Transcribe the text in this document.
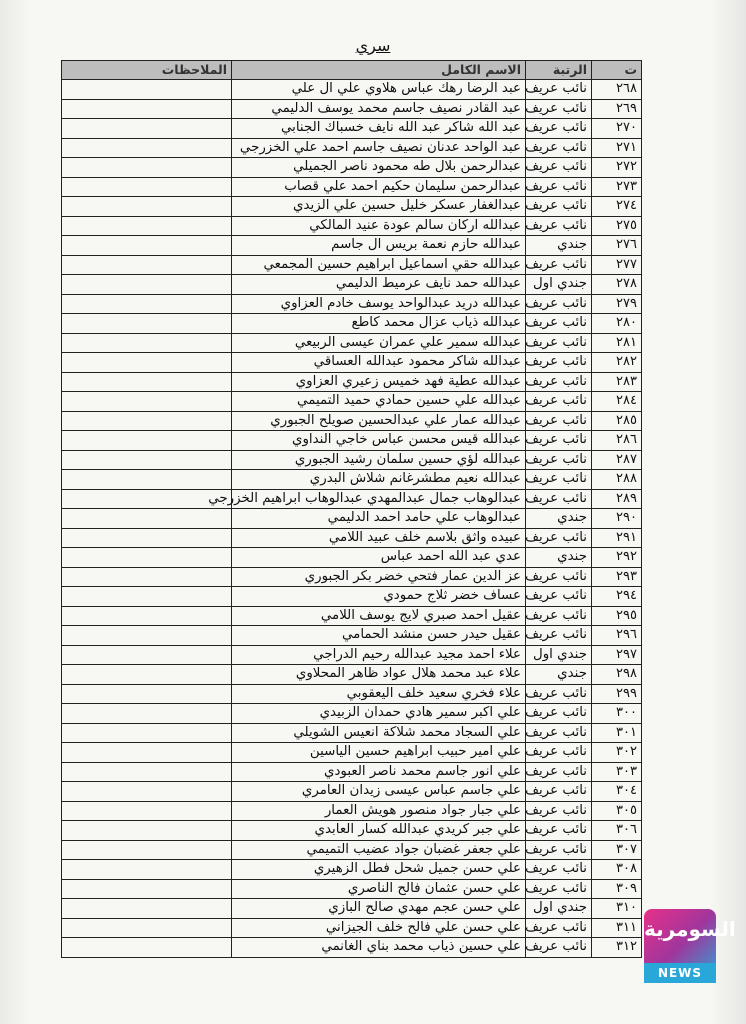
سري
ت	الرتبة	الاسم الكامل	الملاحظات
٢٦٨	نائب عريف	عبد الرضا رهك عباس هلاوي علي ال علي	
٢٦٩	نائب عريف	عبد القادر نصيف جاسم محمد يوسف الدليمي	
٢٧٠	نائب عريف	عبد الله شاكر عبد الله نايف خسباك الجنابي	
٢٧١	نائب عريف	عبد الواحد عدنان نصيف جاسم احمد علي الخزرجي	
٢٧٢	نائب عريف	عبدالرحمن بلال طه محمود ناصر الجميلي	
٢٧٣	نائب عريف	عبدالرحمن سليمان حكيم احمد علي قصاب	
٢٧٤	نائب عريف	عبدالغفار عسكر خليل حسين علي الزيدي	
٢٧٥	نائب عريف	عبدالله اركان سالم عودة عنيد المالكي	
٢٧٦	جندي	عبدالله حازم نعمة بريس ال جاسم	
٢٧٧	نائب عريف	عبدالله حقي اسماعيل ابراهيم حسين المجمعي	
٢٧٨	جندي اول	عبدالله حمد نايف عرميط الدليمي	
٢٧٩	نائب عريف	عبدالله دريد عبدالواحد يوسف خادم العزاوي	
٢٨٠	نائب عريف	عبدالله ذياب عزال محمد كاطع	
٢٨١	نائب عريف	عبدالله سمير علي عمران عيسى الربيعي	
٢٨٢	نائب عريف	عبدالله شاكر محمود عبدالله العساقي	
٢٨٣	نائب عريف	عبدالله عطية فهد خميس زعيري العزاوي	
٢٨٤	نائب عريف	عبدالله علي حسين حمادي حميد التميمي	
٢٨٥	نائب عريف	عبدالله عمار علي عبدالحسين صويلح الجبوري	
٢٨٦	نائب عريف	عبدالله قيس محسن عباس خاجي النداوي	
٢٨٧	نائب عريف	عبدالله لؤي حسين سلمان رشيد الجبوري	
٢٨٨	نائب عريف	عبدالله نعيم مطشرغانم شلاش البدري	
٢٨٩	نائب عريف	عبدالوهاب جمال عبدالمهدي عبدالوهاب ابراهيم الخزرجي	
٢٩٠	جندي	عبدالوهاب علي حامد احمد الدليمي	
٢٩١	نائب عريف	عبيده واثق بلاسم خلف عبيد اللامي	
٢٩٢	جندي	عدي عبد الله احمد عباس	
٢٩٣	نائب عريف	عز الدين عمار فتحي خضر بكر الجبوري	
٢٩٤	نائب عريف	عساف خضر ثلاج حمودي	
٢٩٥	نائب عريف	عقيل احمد صبري لايج يوسف اللامي	
٢٩٦	نائب عريف	عقيل حيدر حسن منشد الحمامي	
٢٩٧	جندي اول	علاء احمد مجيد عبدالله رحيم الدراجي	
٢٩٨	جندي	علاء عبد محمد هلال عواد ظاهر المحلاوي	
٢٩٩	نائب عريف	علاء فخري سعيد خلف اليعقوبي	
٣٠٠	نائب عريف	علي اكبر سمير هادي حمدان الزبيدي	
٣٠١	نائب عريف	علي السجاد محمد شلاكة انعيس الشويلي	
٣٠٢	نائب عريف	علي امير حبيب ابراهيم حسين الياسين	
٣٠٣	نائب عريف	علي انور جاسم محمد ناصر العبودي	
٣٠٤	نائب عريف	علي جاسم عباس عيسى زيدان العامري	
٣٠٥	نائب عريف	علي جبار جواد منصور هويش العمار	
٣٠٦	نائب عريف	علي جبر كريدي عبدالله كسار العابدي	
٣٠٧	نائب عريف	علي جعفر غضبان جواد عضيب التميمي	
٣٠٨	نائب عريف	علي حسن جميل شحل فطل الزهيري	
٣٠٩	نائب عريف	علي حسن عثمان فالح الناصري	
٣١٠	جندي اول	علي حسن عجم مهدي صالح البازي	
٣١١	نائب عريف	علي حسن علي فالح خلف الجيزاني	
٣١٢	نائب عريف	علي حسين ذياب محمد بناي الغانمي	
السومرية
NEWS
